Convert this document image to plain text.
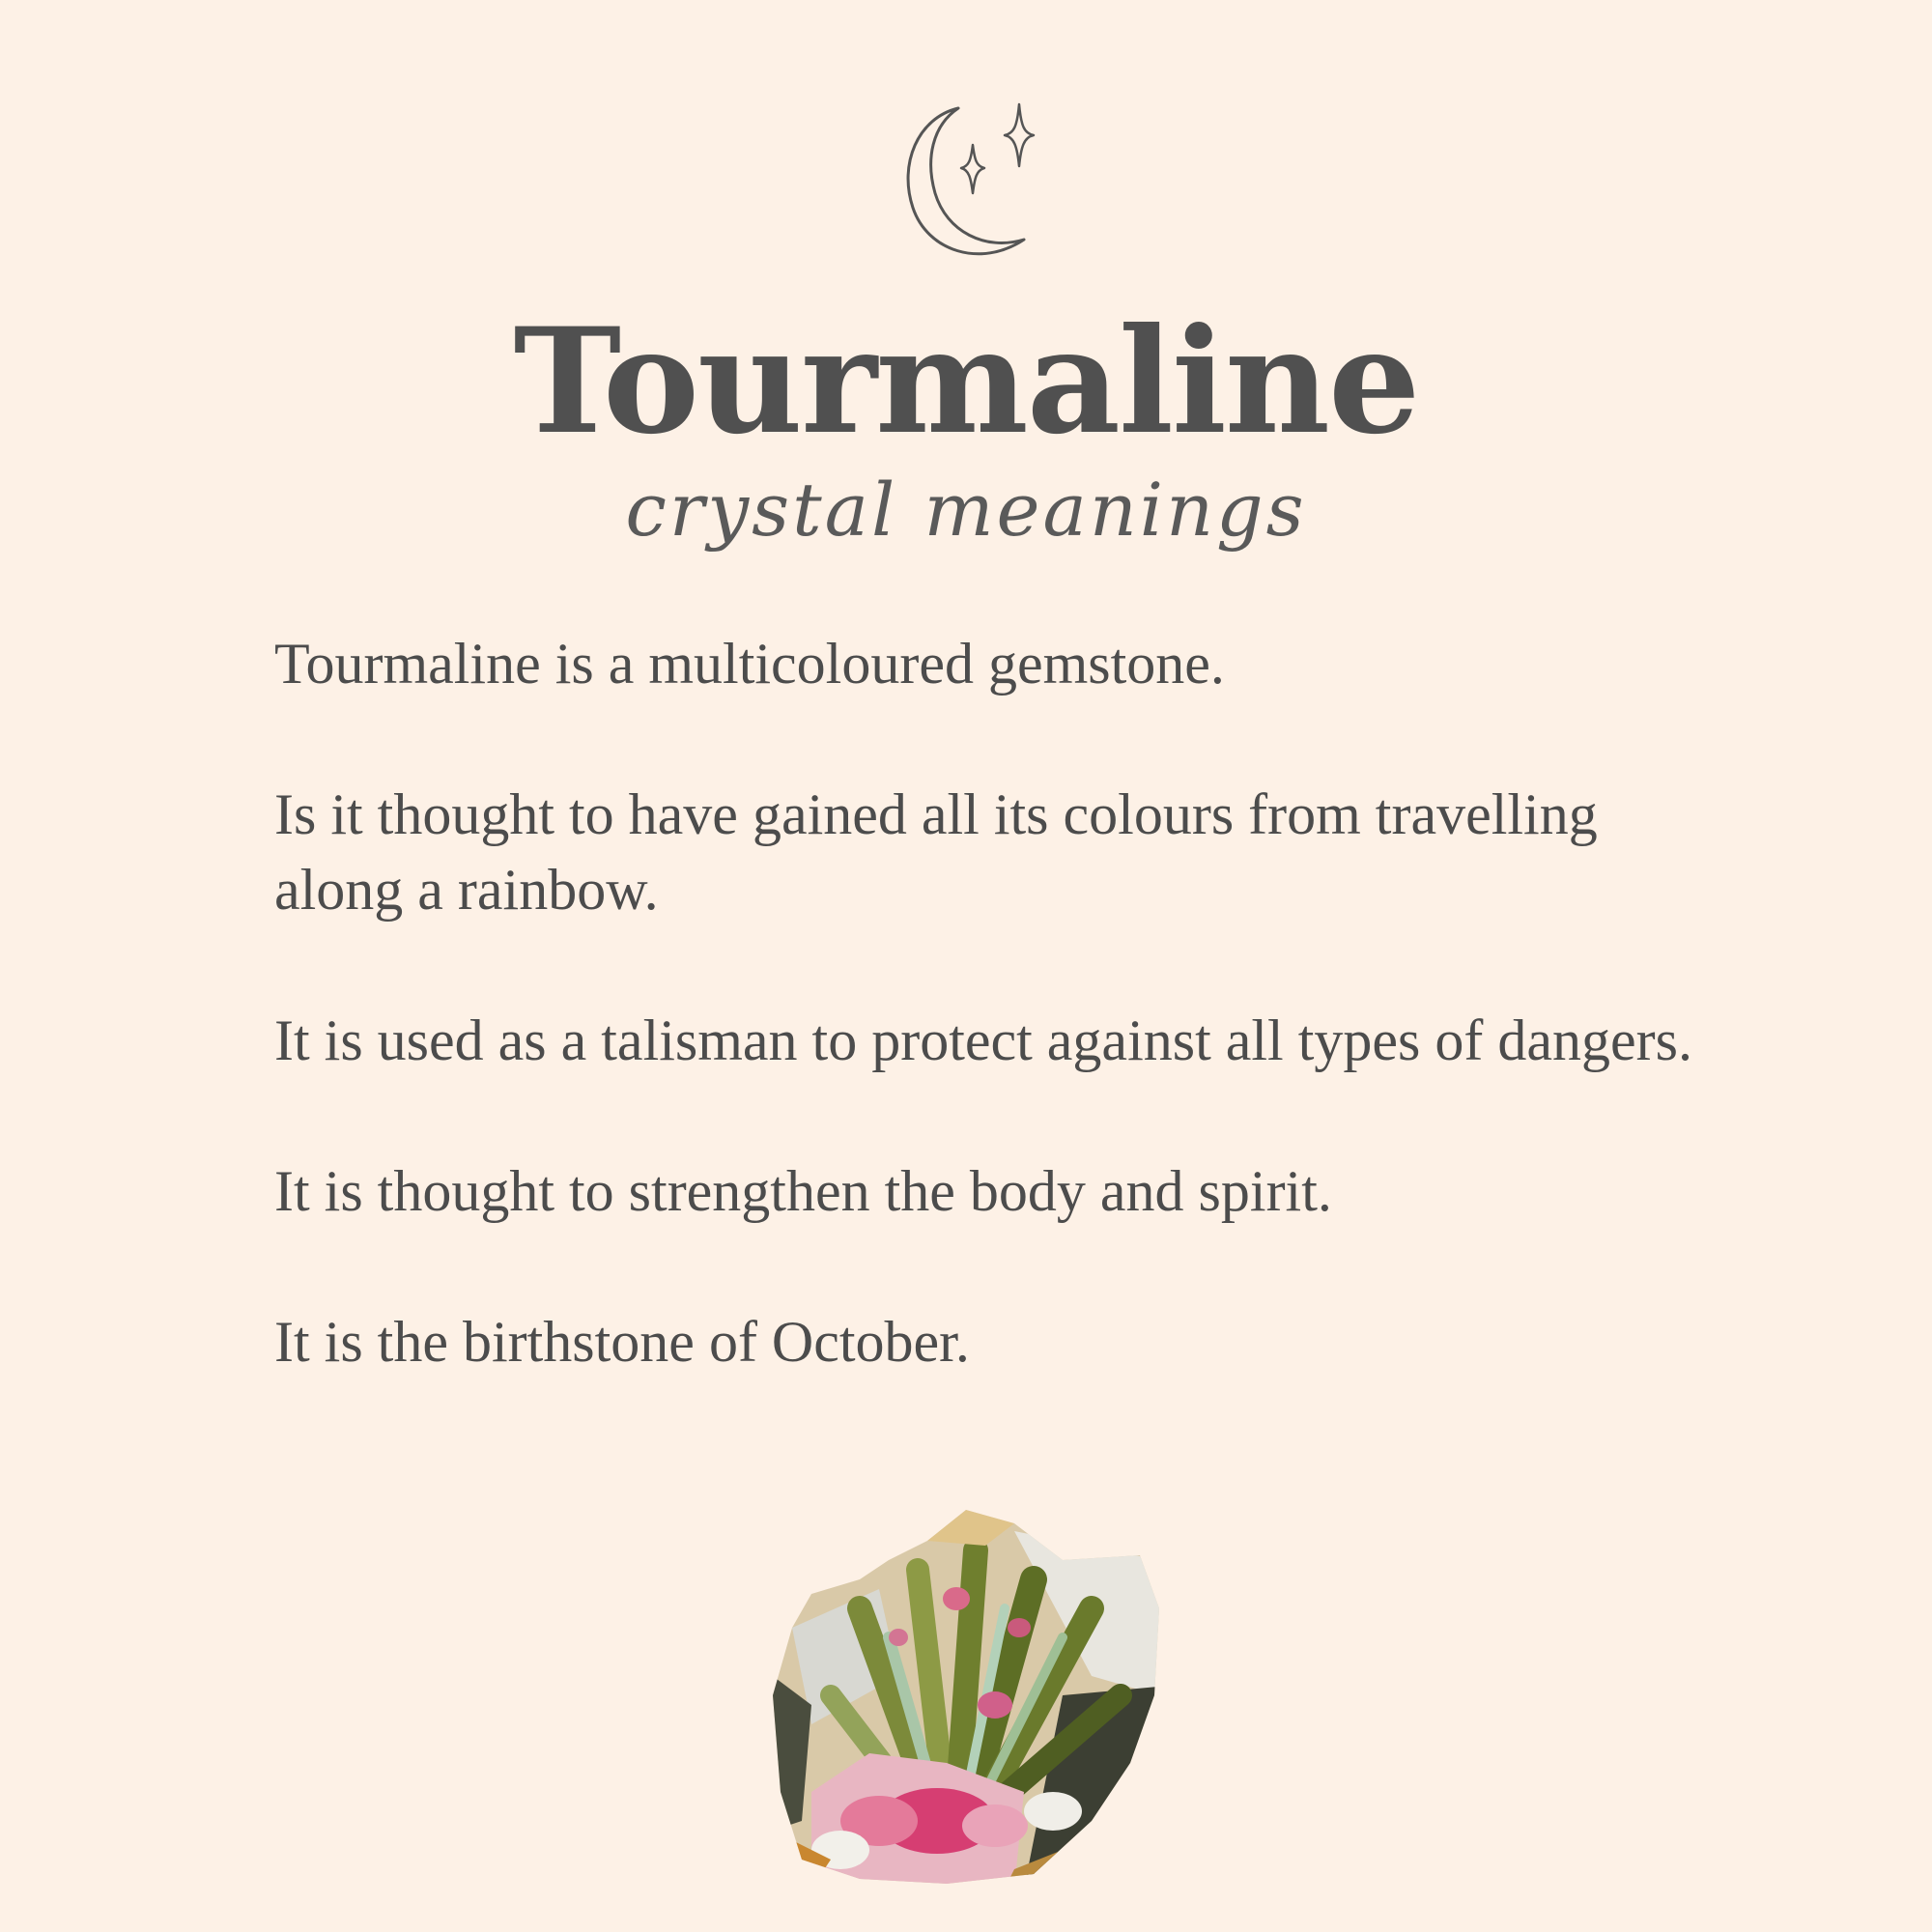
Tourmaline
crystal meanings

Tourmaline is a multicoloured gemstone.

Is it thought to have gained all its colours from travelling along a rainbow.

It is used as a talisman to protect against all types of dangers.

It is thought to strengthen the body and spirit.

It is the birthstone of October.
